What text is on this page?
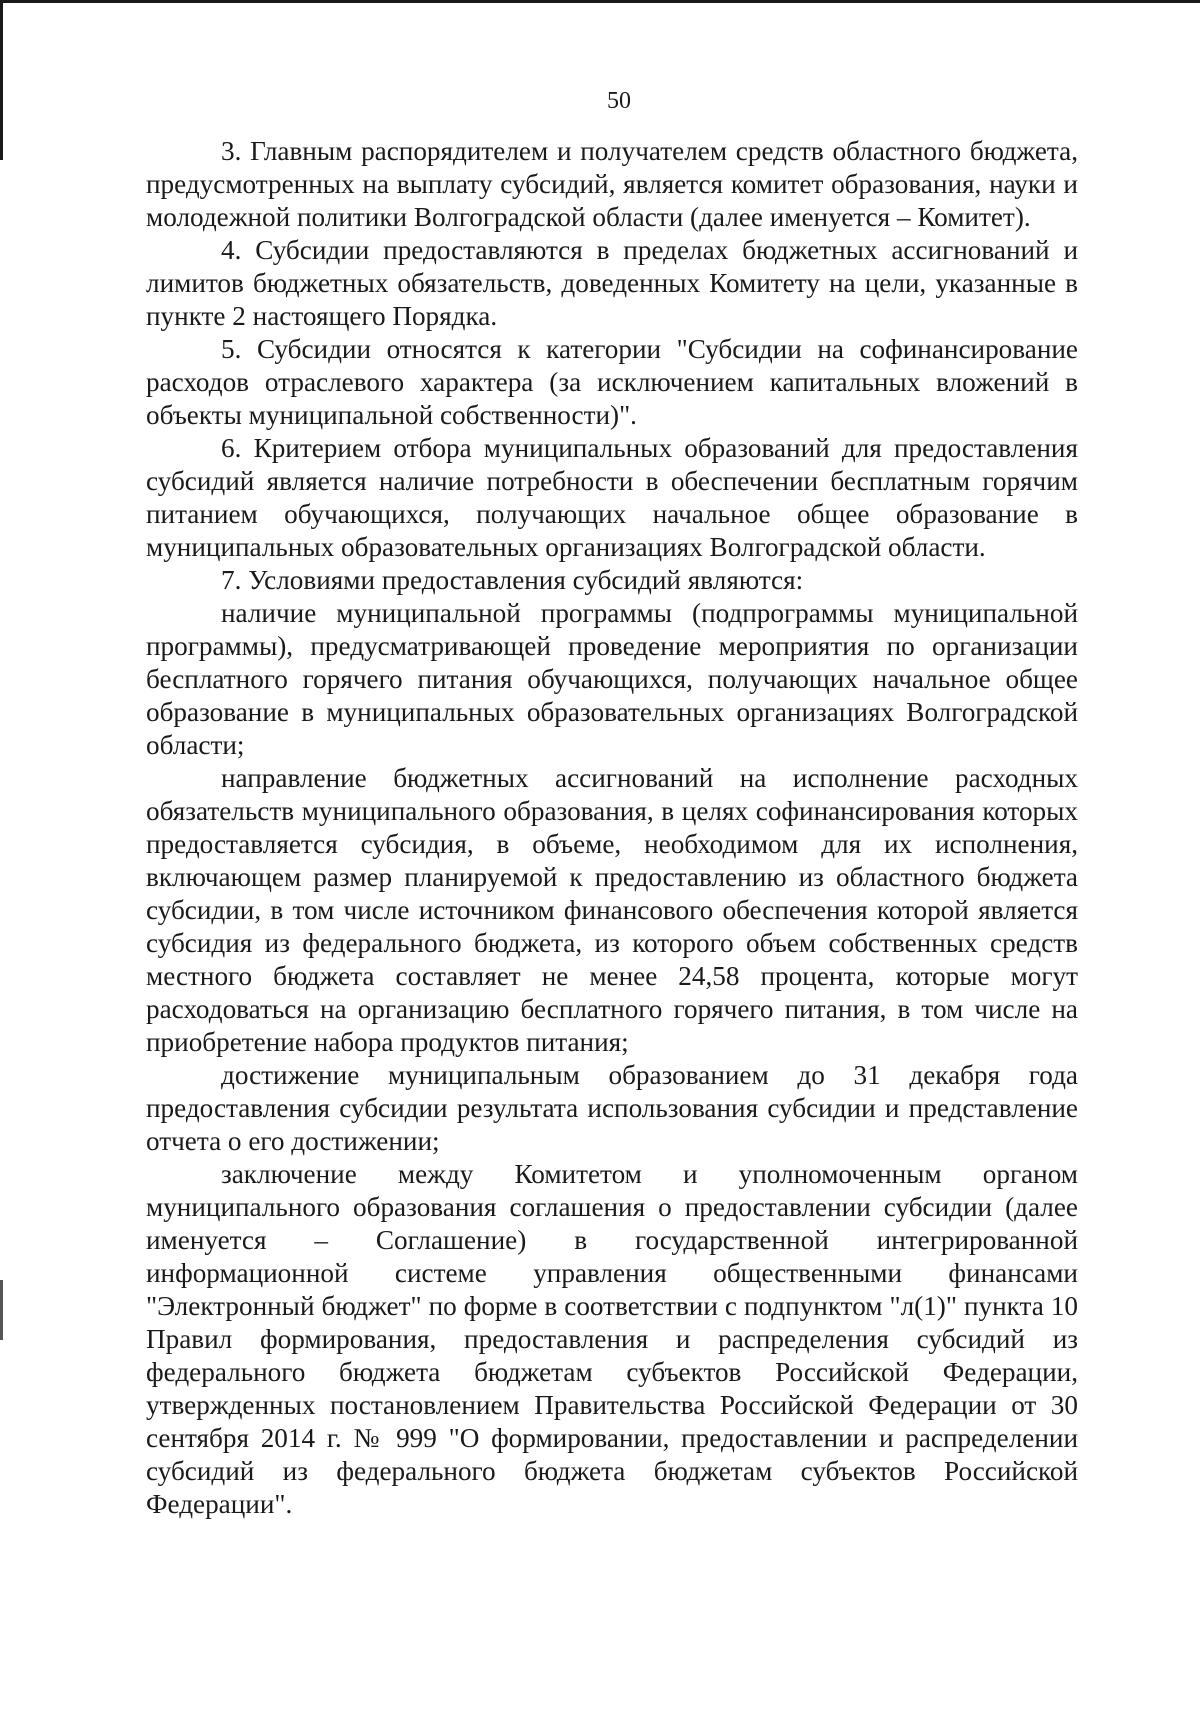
50

3. Главным распорядителем и получателем средств областного бюджета, предусмотренных на выплату субсидий, является комитет образования, науки и молодежной политики Волгоградской области (далее именуется – Комитет).

4. Субсидии предоставляются в пределах бюджетных ассигнований и лимитов бюджетных обязательств, доведенных Комитету на цели, указанные в пункте 2 настоящего Порядка.

5. Субсидии относятся к категории "Субсидии на софинансирование расходов отраслевого характера (за исключением капитальных вложений в объекты муниципальной собственности)".

6. Критерием отбора муниципальных образований для предоставления субсидий является наличие потребности в обеспечении бесплатным горячим питанием обучающихся, получающих начальное общее образование в муниципальных образовательных организациях Волгоградской области.

7. Условиями предоставления субсидий являются:

наличие муниципальной программы (подпрограммы муниципальной программы), предусматривающей проведение мероприятия по организации бесплатного горячего питания обучающихся, получающих начальное общее образование в муниципальных образовательных организациях Волгоградской области;

направление бюджетных ассигнований на исполнение расходных обязательств муниципального образования, в целях софинансирования которых предоставляется субсидия, в объеме, необходимом для их исполнения, включающем размер планируемой к предоставлению из областного бюджета субсидии, в том числе источником финансового обеспечения которой является субсидия из федерального бюджета, из которого объем собственных средств местного бюджета составляет не менее 24,58 процента, которые могут расходоваться на организацию бесплатного горячего питания, в том числе на приобретение набора продуктов питания;

достижение муниципальным образованием до 31 декабря года предоставления субсидии результата использования субсидии и представление отчета о его достижении;

заключение между Комитетом и уполномоченным органом муниципального образования соглашения о предоставлении субсидии (далее именуется – Соглашение) в государственной интегрированной информационной системе управления общественными финансами "Электронный бюджет" по форме в соответствии с подпунктом "л(1)" пункта 10 Правил формирования, предоставления и распределения субсидий из федерального бюджета бюджетам субъектов Российской Федерации, утвержденных постановлением Правительства Российской Федерации от 30 сентября 2014 г. № 999 "О формировании, предоставлении и распределении субсидий из федерального бюджета бюджетам субъектов Российской Федерации".
